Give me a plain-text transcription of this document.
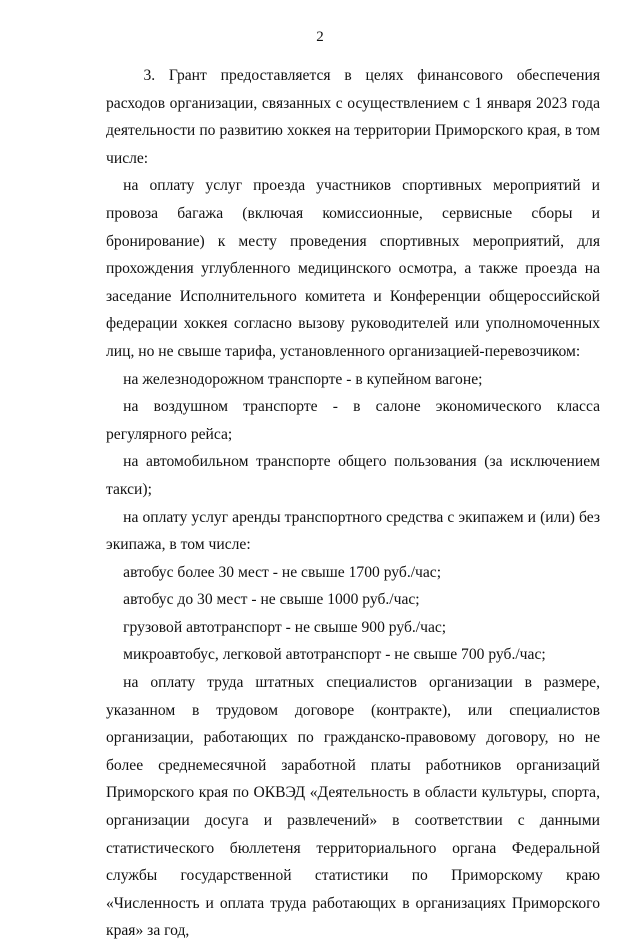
2

3. Грант предоставляется в целях финансового обеспечения расходов организации, связанных с осуществлением с 1 января 2023 года деятельности по развитию хоккея на территории Приморского края, в том числе:

на оплату услуг проезда участников спортивных мероприятий и провоза багажа (включая комиссионные, сервисные сборы и бронирование) к месту проведения спортивных мероприятий, для прохождения углубленного медицинского осмотра, а также проезда на заседание Исполнительного комитета и Конференции общероссийской федерации хоккея согласно вызову руководителей или уполномоченных лиц, но не свыше тарифа, установленного организацией-перевозчиком:

на железнодорожном транспорте - в купейном вагоне;

на воздушном транспорте - в салоне экономического класса регулярного рейса;

на автомобильном транспорте общего пользования (за исключением такси);

на оплату услуг аренды транспортного средства с экипажем и (или) без экипажа, в том числе:

автобус более 30 мест - не свыше 1700 руб./час;

автобус до 30 мест - не свыше 1000 руб./час;

грузовой автотранспорт - не свыше 900 руб./час;

микроавтобус, легковой автотранспорт - не свыше 700 руб./час;

на оплату труда штатных специалистов организации в размере, указанном в трудовом договоре (контракте), или специалистов организации, работающих по гражданско-правовому договору, но не более среднемесячной заработной платы работников организаций Приморского края по ОКВЭД «Деятельность в области культуры, спорта, организации досуга и развлечений» в соответствии с данными статистического бюллетеня территориального органа Федеральной службы государственной статистики по Приморскому краю «Численность и оплата труда работающих в организациях Приморского края» за год,
